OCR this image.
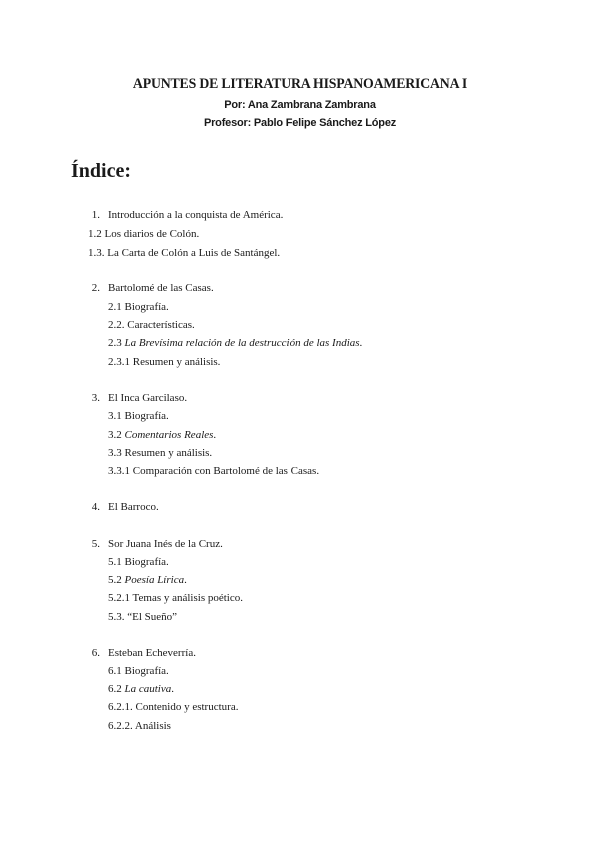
APUNTES DE LITERATURA HISPANOAMERICANA I
Por: Ana Zambrana Zambrana
Profesor: Pablo Felipe Sánchez López
Índice:
1. Introducción a la conquista de América.
1.2 Los diarios de Colón.
1.3. La Carta de Colón a Luis de Santángel.
2. Bartolomé de las Casas.
2.1 Biografía.
2.2. Características.
2.3 La Brevísima relación de la destrucción de las Indias.
2.3.1 Resumen y análisis.
3. El Inca Garcilaso.
3.1 Biografía.
3.2 Comentarios Reales.
3.3 Resumen y análisis.
3.3.1 Comparación con Bartolomé de las Casas.
4. El Barroco.
5. Sor Juana Inés de la Cruz.
5.1 Biografía.
5.2 Poesía Lírica.
5.2.1 Temas y análisis poético.
5.3. “El Sueño”
6. Esteban Echeverría.
6.1 Biografía.
6.2 La cautiva.
6.2.1. Contenido y estructura.
6.2.2. Análisis
